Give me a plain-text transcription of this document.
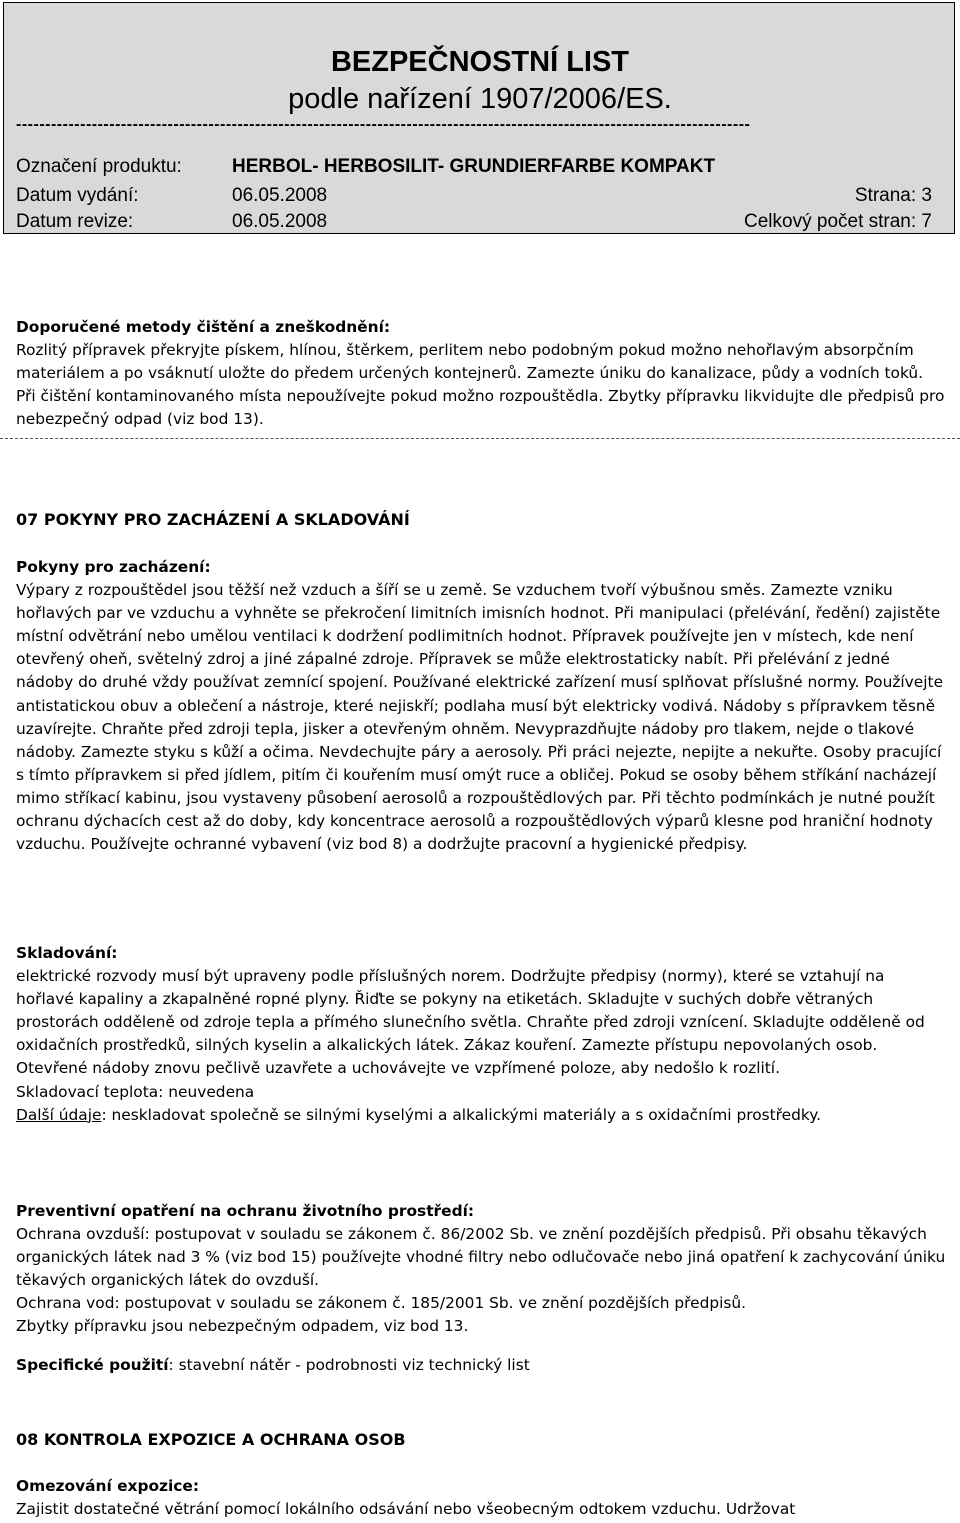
BEZPEČNOSTNÍ LIST
podle nařízení 1907/2006/ES.
------------------------------------------------------------------------------------------------------------------------------
Označení produktu:	HERBOL- HERBOSILIT- GRUNDIERFARBE KOMPAKT
Datum vydání:	06.05.2008	Strana: 3
Datum revize:	06.05.2008	Celkový počet stran: 7

Doporučené metody čištění a zneškodnění:

Rozlitý přípravek překryjte pískem, hlínou, štěrkem, perlitem nebo podobným pokud možno nehořlavým absorpčním materiálem a po vsáknutí uložte do předem určených kontejnerů. Zamezte úniku do kanalizace, půdy a vodních toků. Při čištění kontaminovaného místa nepoužívejte pokud možno rozpouštědla. Zbytky přípravku likvidujte dle předpisů pro nebezpečný odpad (viz bod 13).

07 POKYNY PRO ZACHÁZENÍ A SKLADOVÁNÍ

Pokyny pro zacházení:

Výpary z rozpouštědel jsou těžší než vzduch a šíří se u země. Se vzduchem tvoří výbušnou směs. Zamezte vzniku hořlavých par ve vzduchu a vyhněte se překročení limitních imisních hodnot. Při manipulaci (přelévání, ředění) zajistěte místní odvětrání nebo umělou ventilaci k dodržení podlimitních hodnot. Přípravek používejte jen v místech, kde není otevřený oheň, světelný zdroj a jiné zápalné zdroje. Přípravek se může elektrostaticky nabít. Při přelévání z jedné nádoby do druhé vždy používat zemnící spojení. Používané elektrické zařízení musí splňovat příslušné normy. Používejte antistatickou obuv a oblečení a nástroje, které nejiskří; podlaha musí být elektricky vodivá. Nádoby s přípravkem těsně uzavírejte. Chraňte před zdroji tepla, jisker a otevřeným ohněm. Nevyprazdňujte nádoby pro tlakem, nejde o tlakové nádoby. Zamezte styku s kůží a očima. Nevdechujte páry a aerosoly. Při práci nejezte, nepijte a nekuřte. Osoby pracující s tímto přípravkem si před jídlem, pitím či kouřením musí omýt ruce a obličej. Pokud se osoby během stříkání nacházejí mimo stříkací kabinu, jsou vystaveny působení aerosolů a rozpouštědlových par. Při těchto podmínkách je nutné použít ochranu dýchacích cest až do doby, kdy koncentrace aerosolů a rozpouštědlových výparů klesne pod hraniční hodnoty vzduchu. Používejte ochranné vybavení (viz bod 8) a dodržujte pracovní a hygienické předpisy.

Skladování:

elektrické rozvody musí být upraveny podle příslušných norem. Dodržujte předpisy (normy), které se vztahují na hořlavé kapaliny a zkapalněné ropné plyny. Řiďte se pokyny na etiketách. Skladujte v suchých dobře větraných prostorách odděleně od zdroje tepla a přímého slunečního světla. Chraňte před zdroji vznícení. Skladujte odděleně od oxidačních prostředků, silných kyselin a alkalických látek. Zákaz kouření. Zamezte přístupu nepovolaných osob. Otevřené nádoby znovu pečlivě uzavřete a uchovávejte ve vzpřímené poloze, aby nedošlo k rozlití.

Skladovací teplota: neuvedena

Další údaje: neskladovat společně se silnými kyselými a alkalickými materiály a s oxidačními prostředky.

Preventivní opatření na ochranu životního prostředí:

Ochrana ovzduší: postupovat v souladu se zákonem č. 86/2002 Sb. ve znění pozdějších předpisů. Při obsahu těkavých organických látek nad 3 % (viz bod 15) používejte vhodné filtry nebo odlučovače nebo jiná opatření k zachycování úniku těkavých organických látek do ovzduší.

Ochrana vod: postupovat v souladu se zákonem č. 185/2001 Sb. ve znění pozdějších předpisů.

Zbytky přípravku jsou nebezpečným odpadem, viz bod 13.

Specifické použití: stavební nátěr - podrobnosti viz technický list

08 KONTROLA EXPOZICE A OCHRANA OSOB

Omezování expozice:

Zajistit dostatečné větrání pomocí lokálního odsávání nebo všeobecným odtokem vzduchu. Udržovat
